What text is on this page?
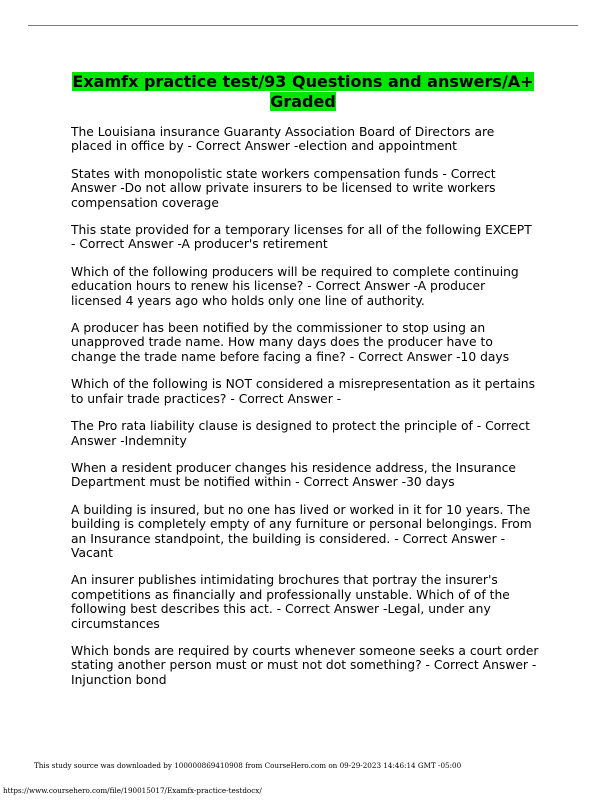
Examfx practice test/93 Questions and answers/A+ Graded

The Louisiana insurance Guaranty Association Board of Directors are placed in office by - Correct Answer -election and appointment

States with monopolistic state workers compensation funds - Correct Answer -Do not allow private insurers to be licensed to write workers compensation coverage

This state provided for a temporary licenses for all of the following EXCEPT - Correct Answer -A producer's retirement

Which of the following producers will be required to complete continuing education hours to renew his license? - Correct Answer -A producer licensed 4 years ago who holds only one line of authority.

A producer has been notified by the commissioner to stop using an unapproved trade name. How many days does the producer have to change the trade name before facing a fine? - Correct Answer -10 days

Which of the following is NOT considered a misrepresentation as it pertains to unfair trade practices? - Correct Answer -

The Pro rata liability clause is designed to protect the principle of - Correct Answer -Indemnity

When a resident producer changes his residence address, the Insurance Department must be notified within - Correct Answer -30 days

A building is insured, but no one has lived or worked in it for 10 years. The building is completely empty of any furniture or personal belongings. From an Insurance standpoint, the building is considered. - Correct Answer -Vacant

An insurer publishes intimidating brochures that portray the insurer's competitions as financially and professionally unstable. Which of of the following best describes this act. - Correct Answer -Legal, under any circumstances

Which bonds are required by courts whenever someone seeks a court order stating another person must or must not dot something? - Correct Answer -Injunction bond

This study source was downloaded by 100000869410908 from CourseHero.com on 09-29-2023 14:46:14 GMT -05:00
https://www.coursehero.com/file/190015017/Examfx-practice-testdocx/
